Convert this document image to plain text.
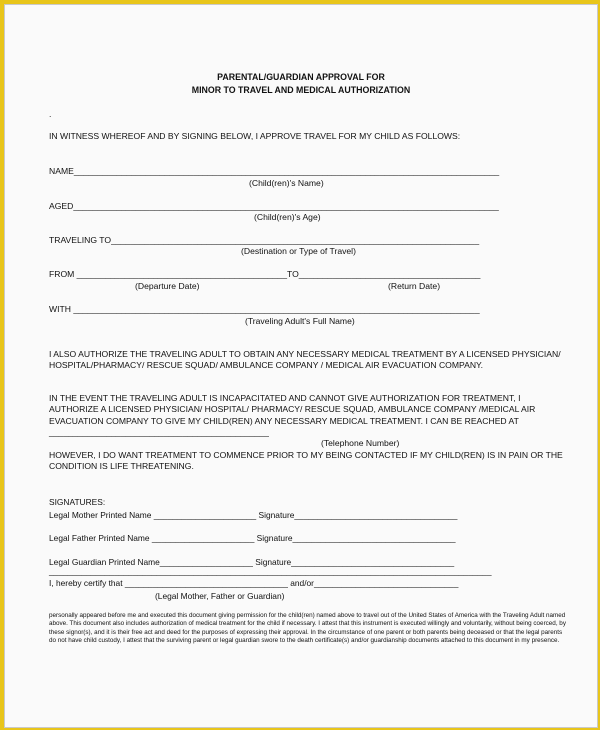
PARENTAL/GUARDIAN APPROVAL FOR
MINOR TO TRAVEL AND MEDICAL AUTHORIZATION
.
IN WITNESS WHEREOF AND BY SIGNING BELOW, I APPROVE TRAVEL FOR MY CHILD AS FOLLOWS:
NAME_________________________________________________________________________________________
(Child(ren)'s Name)
AGED_________________________________________________________________________________________
(Child(ren)'s Age)
TRAVELING TO_____________________________________________________________________________
(Destination or Type of Travel)
FROM ____________________________________________TO______________________________________
(Departure Date)	(Return Date)
WITH _____________________________________________________________________________________
(Traveling Adult's Full Name)
I ALSO AUTHORIZE THE TRAVELING ADULT TO OBTAIN ANY NECESSARY MEDICAL TREATMENT BY A LICENSED PHYSICIAN/ HOSPITAL/PHARMACY/ RESCUE SQUAD/ AMBULANCE COMPANY / MEDICAL AIR EVACUATION COMPANY.
IN THE EVENT THE TRAVELING ADULT IS INCAPACITATED AND CANNOT GIVE AUTHORIZATION FOR TREATMENT, I AUTHORIZE A LICENSED PHYSICIAN/ HOSPITAL/ PHARMACY/ RESCUE SQUAD, AMBULANCE COMPANY /MEDICAL AIR EVACUATION COMPANY TO GIVE MY CHILD(REN) ANY NECESSARY MEDICAL TREATMENT. I CAN BE REACHED AT ______________________________________________
(Telephone Number)
HOWEVER, I DO WANT TREATMENT TO COMMENCE PRIOR TO MY BEING CONTACTED IF MY CHILD(REN) IS IN PAIN OR THE CONDITION IS LIFE THREATENING.
SIGNATURES:
Legal Mother Printed Name ______________________ Signature___________________________________
Legal Father Printed Name ______________________ Signature___________________________________
Legal Guardian Printed Name____________________ Signature___________________________________
_______________________________________________________________________________________________
I, hereby certify that ___________________________________ and/or_______________________________
(Legal Mother, Father or Guardian)
personally appeared before me and executed this document giving permission for the child(ren) named above to travel out of the United States of America with the Traveling Adult named above. This document also includes authorization of medical treatment for the child if necessary. I attest that this instrument is executed willingly and voluntarily, without being coerced, by these signor(s), and it is their free act and deed for the purposes of expressing their approval. In the circumstance of one parent or both parents being deceased or that the legal parents do not have child custody, I attest that the surviving parent or legal guardian swore to the death certificate(s) and/or guardianship documents attached to this document in my presence.
